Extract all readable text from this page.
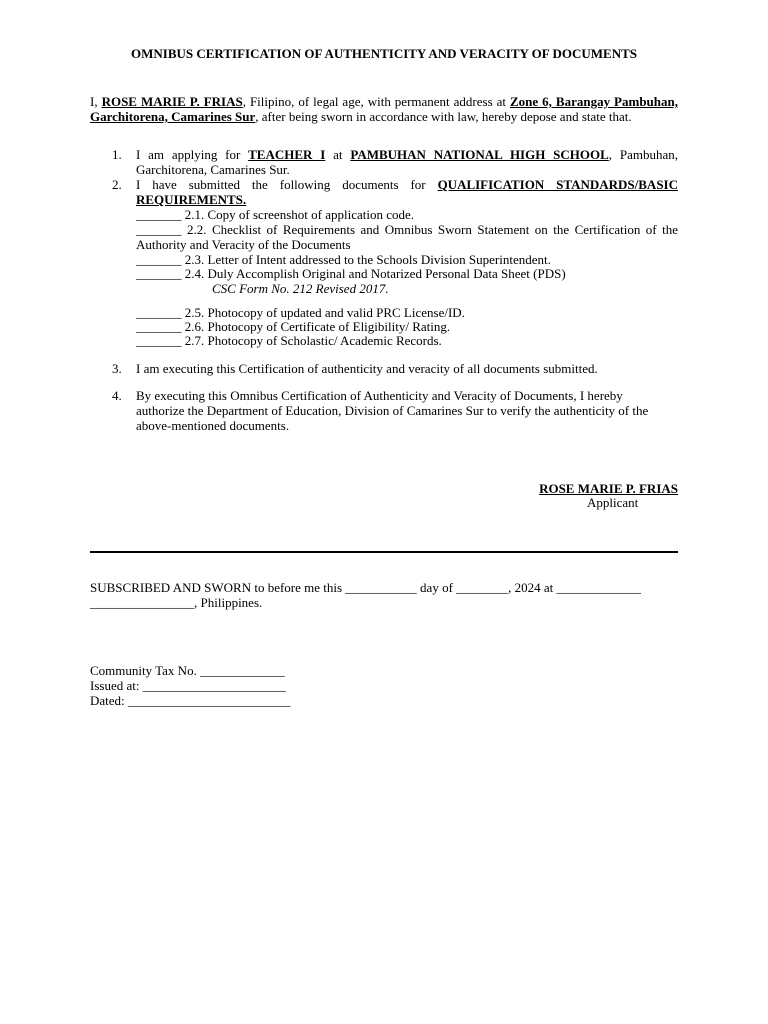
OMNIBUS CERTIFICATION OF AUTHENTICITY AND VERACITY OF DOCUMENTS
I, ROSE MARIE P. FRIAS, Filipino, of legal age, with permanent address at Zone 6, Barangay Pambuhan, Garchitorena, Camarines Sur, after being sworn in accordance with law, hereby depose and state that.
1. I am applying for TEACHER I at PAMBUHAN NATIONAL HIGH SCHOOL, Pambuhan, Garchitorena, Camarines Sur.
2. I have submitted the following documents for QUALIFICATION STANDARDS/BASIC REQUIREMENTS.
_______ 2.1. Copy of screenshot of application code.
_______ 2.2. Checklist of Requirements and Omnibus Sworn Statement on the Certification of the Authority and Veracity of the Documents
_______ 2.3. Letter of Intent addressed to the Schools Division Superintendent.
_______ 2.4. Duly Accomplish Original and Notarized Personal Data Sheet (PDS)
CSC Form No. 212 Revised 2017.
_______ 2.5. Photocopy of updated and valid PRC License/ID.
_______ 2.6. Photocopy of Certificate of Eligibility/ Rating.
_______ 2.7. Photocopy of Scholastic/ Academic Records.
3. I am executing this Certification of authenticity and veracity of all documents submitted.
4. By executing this Omnibus Certification of Authenticity and Veracity of Documents, I hereby authorize the Department of Education, Division of Camarines Sur to verify the authenticity of the above-mentioned documents.
ROSE MARIE P. FRIAS
Applicant
SUBSCRIBED AND SWORN to before me this ___________ day of ________, 2024 at _____________
________________, Philippines.
Community Tax No. _____________
Issued at: ______________________
Dated: _________________________
